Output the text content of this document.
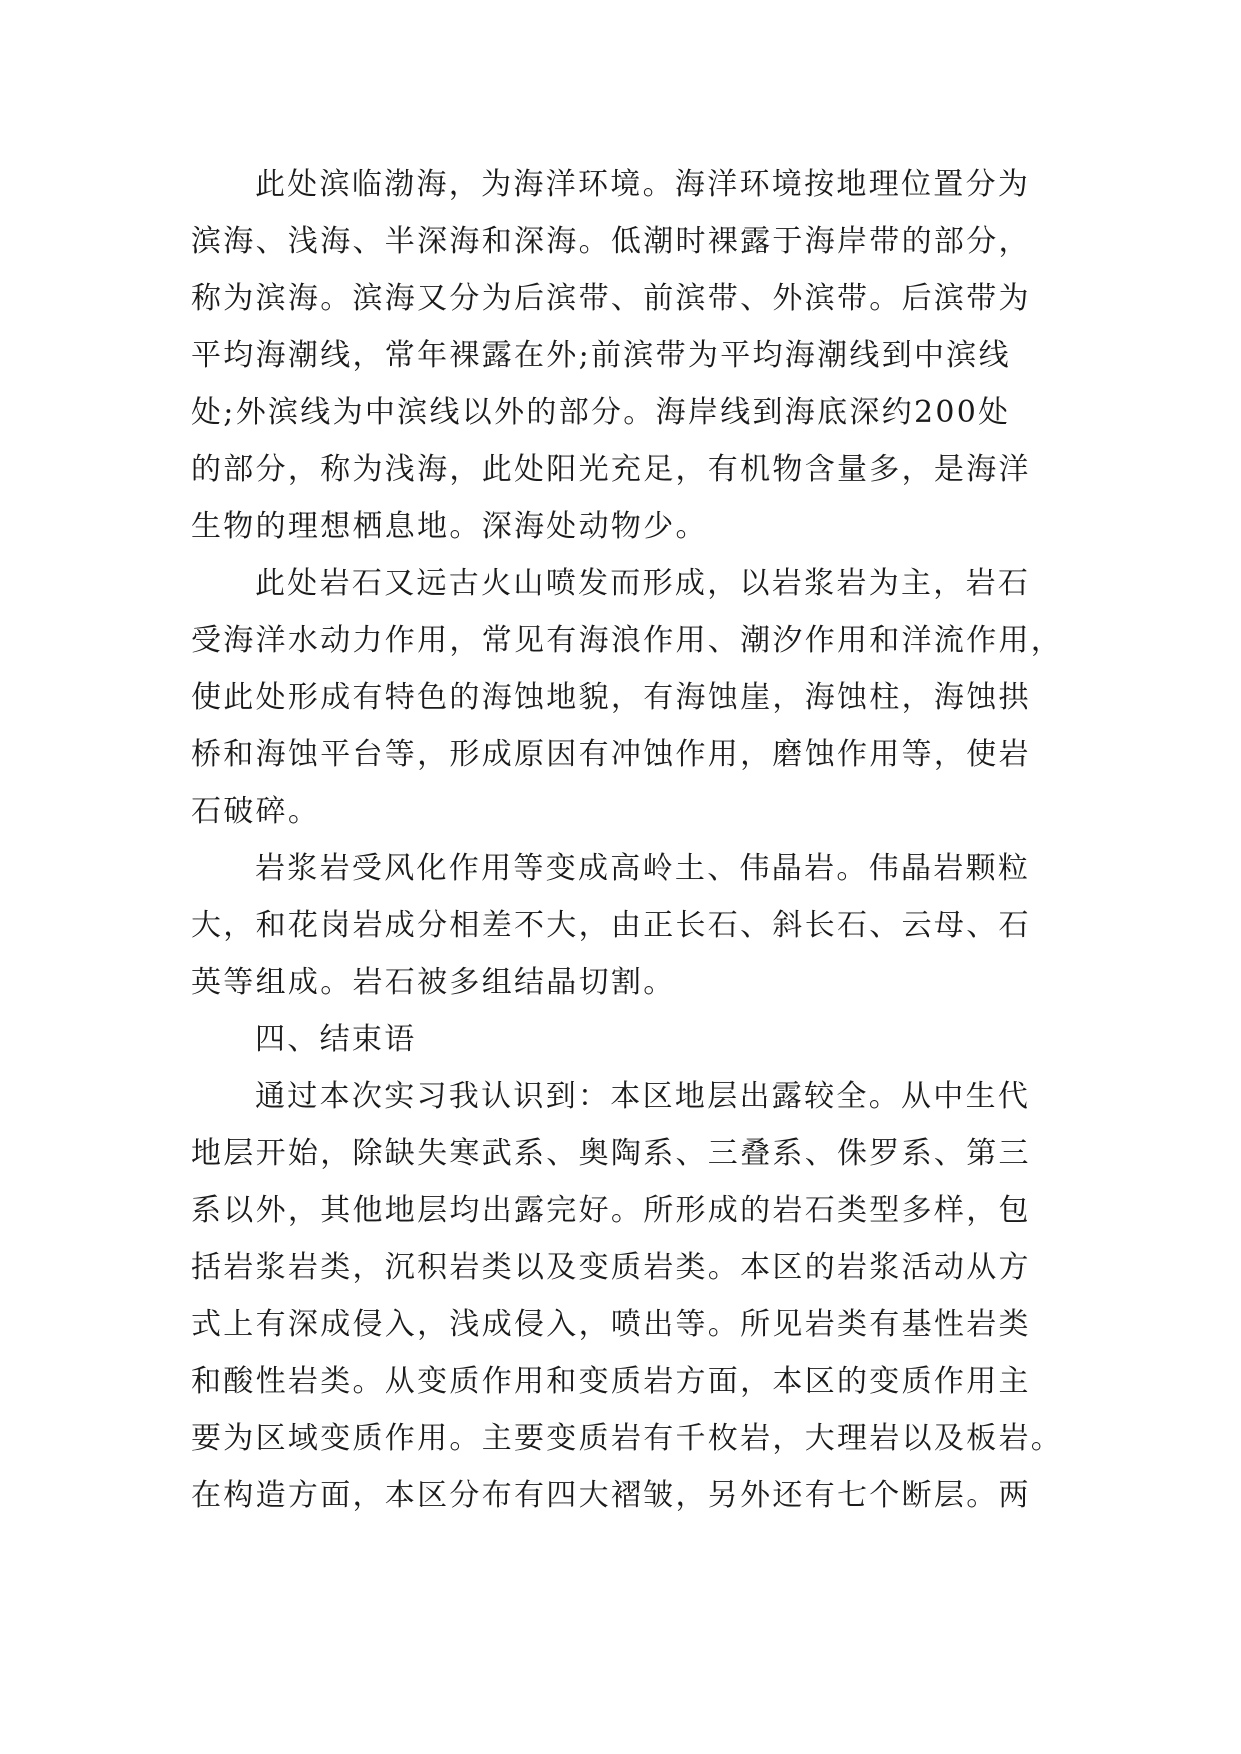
此处滨临渤海，为海洋环境。海洋环境按地理位置分为
滨海、浅海、半深海和深海。低潮时裸露于海岸带的部分，
称为滨海。滨海又分为后滨带、前滨带、外滨带。后滨带为
平均海潮线，常年裸露在外;前滨带为平均海潮线到中滨线
处;外滨线为中滨线以外的部分。海岸线到海底深约200处
的部分，称为浅海，此处阳光充足，有机物含量多，是海洋
生物的理想栖息地。深海处动物少。
此处岩石又远古火山喷发而形成，以岩浆岩为主，岩石
受海洋水动力作用，常见有海浪作用、潮汐作用和洋流作用，
使此处形成有特色的海蚀地貌，有海蚀崖，海蚀柱，海蚀拱
桥和海蚀平台等，形成原因有冲蚀作用，磨蚀作用等，使岩
石破碎。
岩浆岩受风化作用等变成高岭土、伟晶岩。伟晶岩颗粒
大，和花岗岩成分相差不大，由正长石、斜长石、云母、石
英等组成。岩石被多组结晶切割。
四、结束语
通过本次实习我认识到：本区地层出露较全。从中生代
地层开始，除缺失寒武系、奥陶系、三叠系、侏罗系、第三
系以外，其他地层均出露完好。所形成的岩石类型多样，包
括岩浆岩类，沉积岩类以及变质岩类。本区的岩浆活动从方
式上有深成侵入，浅成侵入，喷出等。所见岩类有基性岩类
和酸性岩类。从变质作用和变质岩方面，本区的变质作用主
要为区域变质作用。主要变质岩有千枚岩，大理岩以及板岩。
在构造方面，本区分布有四大褶皱，另外还有七个断层。两
